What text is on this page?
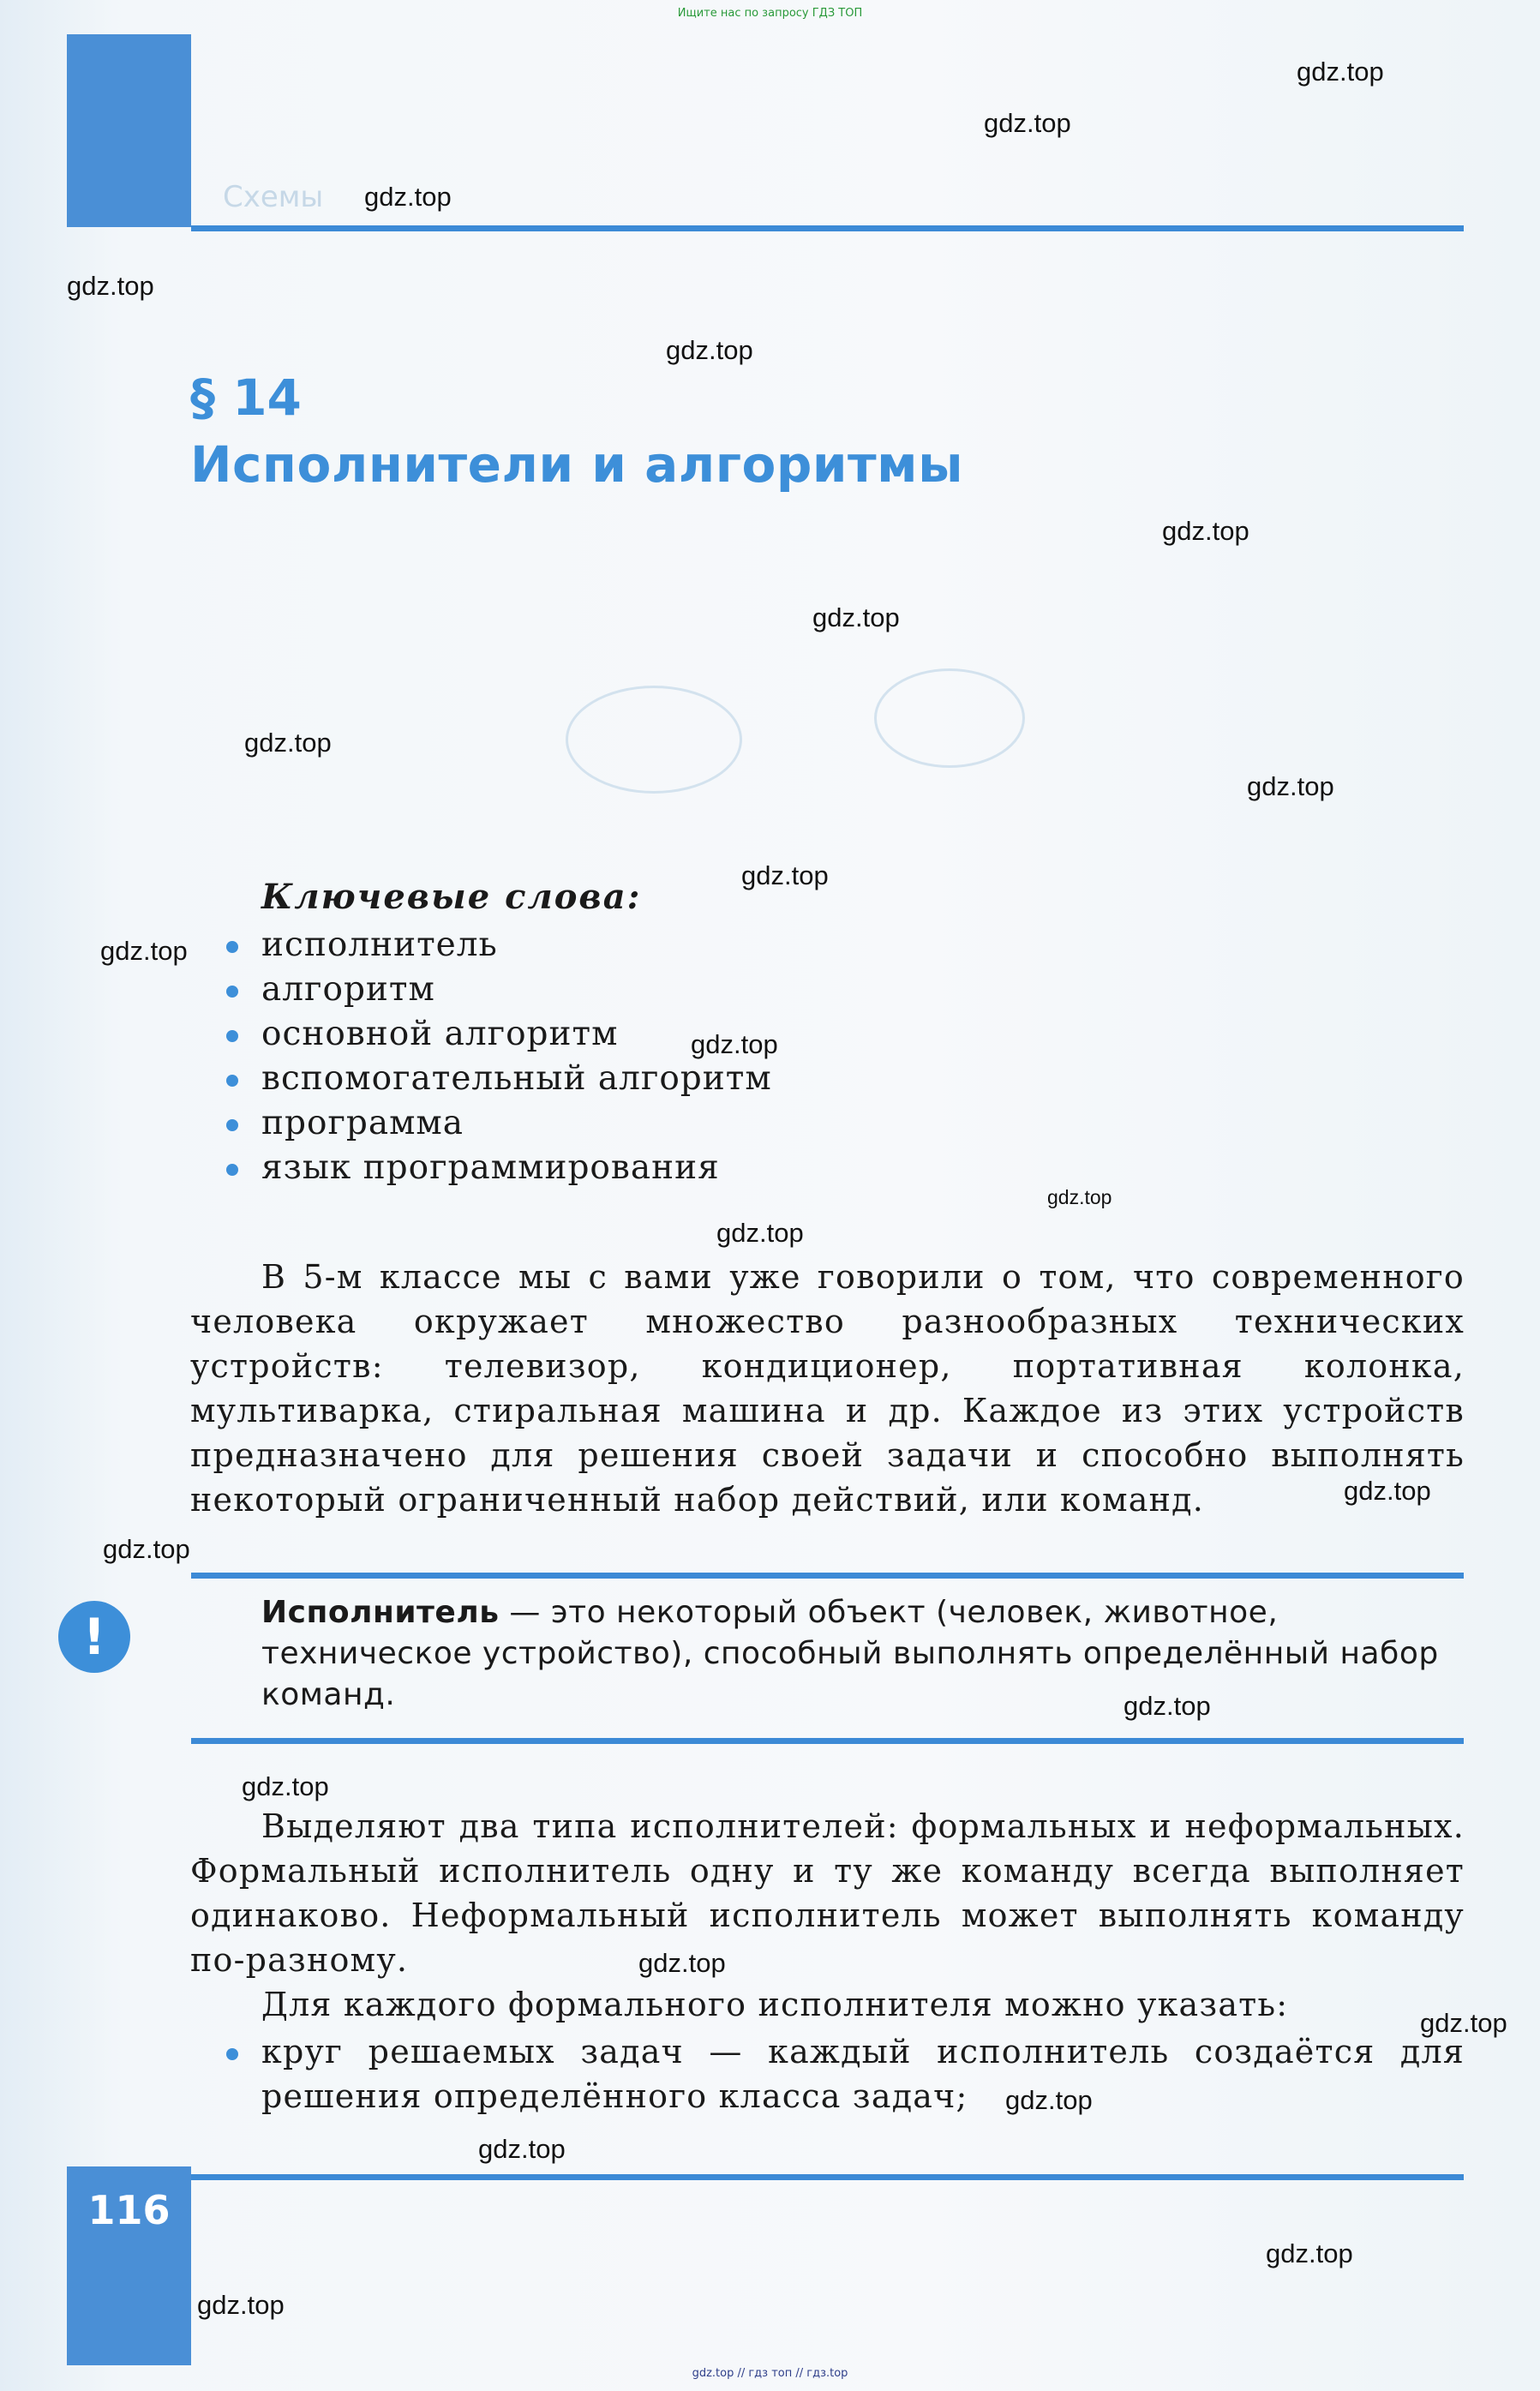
Ищите нас по запросу ГДЗ ТОП
Схемы
§ 14
Исполнители и алгоритмы
Ключевые слова:
исполнитель
алгоритм
основной алгоритм
вспомогательный алгоритм
программа
язык программирования

В 5-м классе мы с вами уже говорили о том, что современного человека окружает множество разнообразных технических устройств: телевизор, кондиционер, портативная колонка, мультиварка, стиральная машина и др. Каждое из этих устройств предназначено для решения своей задачи и способно выполнять некоторый ограниченный набор действий, или команд.

!	Исполнитель — это некоторый объект (человек, животное, техническое устройство), способный выполнять определённый набор команд.

Выделяют два типа исполнителей: формальных и неформальных. Формальный исполнитель одну и ту же команду всегда выполняет одинаково. Неформальный исполнитель может выполнять команду по-разному.

Для каждого формального исполнителя можно указать:

круг решаемых задач — каждый исполнитель создаётся для решения определённого класса задач;

116
gdz.top // гдз топ // гдз.top
gdz.top
gdz.top
gdz.top
gdz.top
gdz.top
gdz.top
gdz.top
gdz.top
gdz.top
gdz.top
gdz.top
gdz.top
gdz.top
gdz.top
gdz.top
gdz.top
gdz.top
gdz.top
gdz.top
gdz.top
gdz.top
gdz.top
gdz.top
gdz.top
